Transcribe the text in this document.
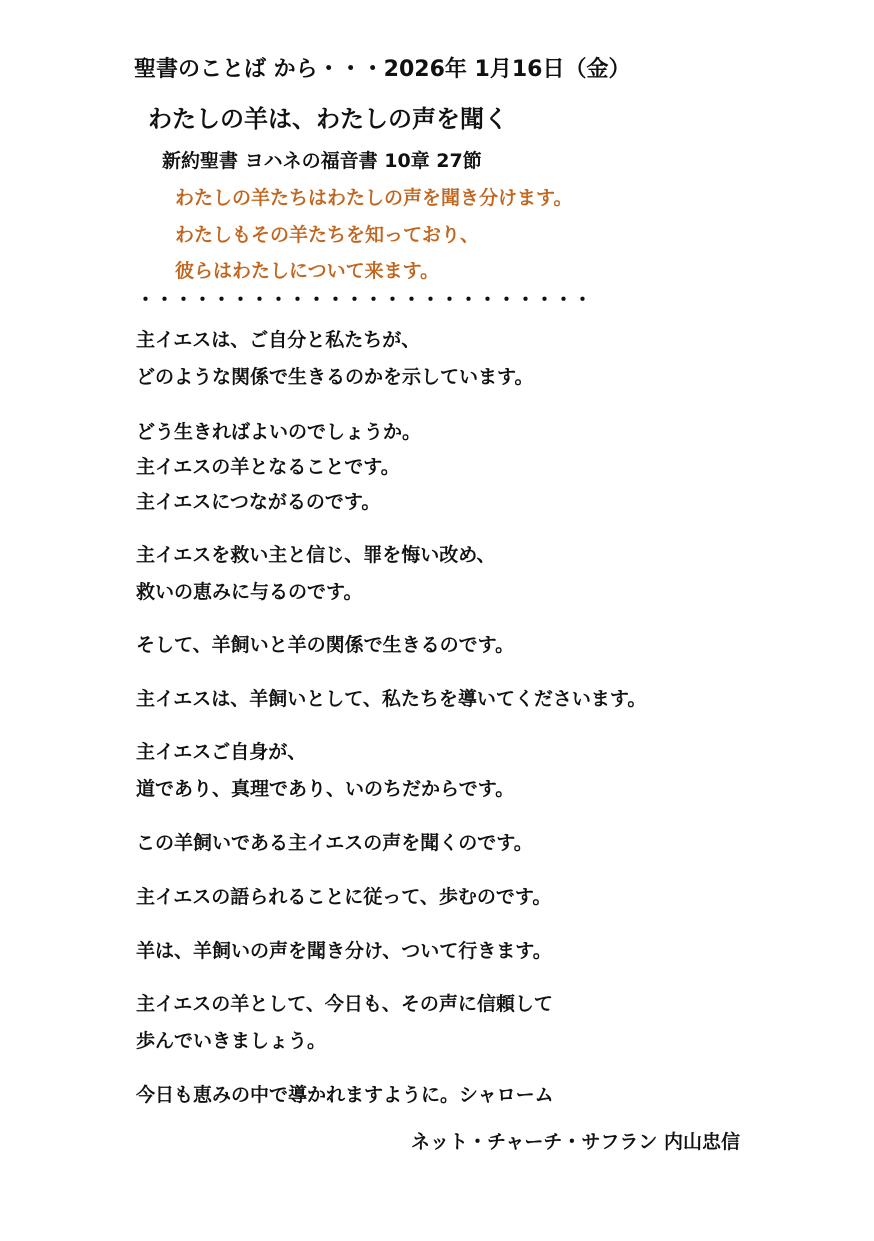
聖書のことば から・・・2026年 1月16日（金）
わたしの羊は、わたしの声を聞く
新約聖書 ヨハネの福音書 10章 27節
わたしの羊たちはわたしの声を聞き分けます。
わたしもその羊たちを知っており、
彼らはわたしについて来ます。
・・・・・・・・・・・・・・・・・・・・・・・・
主イエスは、ご自分と私たちが、
どのような関係で生きるのかを示しています。
どう生きればよいのでしょうか。
主イエスの羊となることです。
主イエスにつながるのです。
主イエスを救い主と信じ、罪を悔い改め、
救いの恵みに与るのです。
そして、羊飼いと羊の関係で生きるのです。
主イエスは、羊飼いとして、私たちを導いてくださいます。
主イエスご自身が、
道であり、真理であり、いのちだからです。
この羊飼いである主イエスの声を聞くのです。
主イエスの語られることに従って、歩むのです。
羊は、羊飼いの声を聞き分け、ついて行きます。
主イエスの羊として、今日も、その声に信頼して
歩んでいきましょう。
今日も恵みの中で導かれますように。シャローム
ネット・チャーチ・サフラン 内山忠信
